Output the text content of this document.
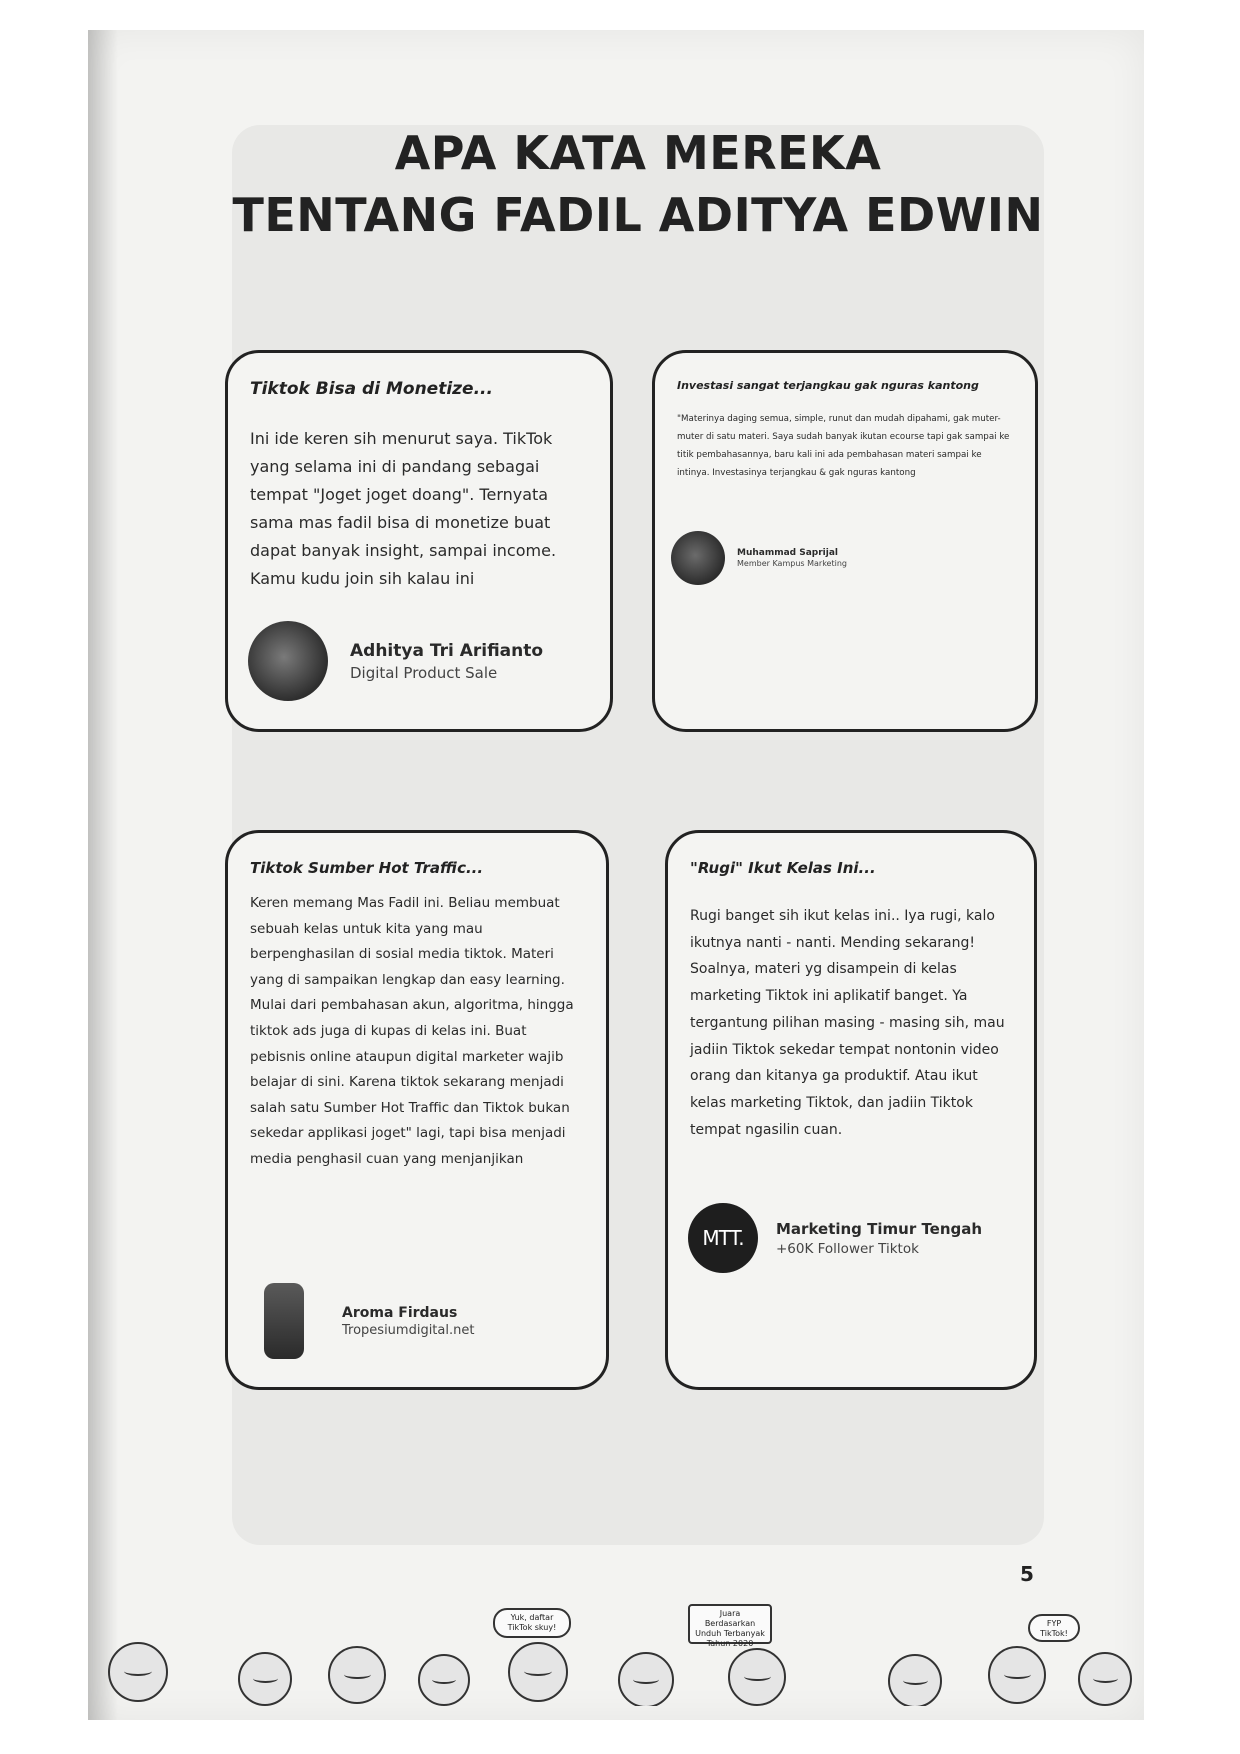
APA KATA MEREKA
TENTANG FADIL ADITYA EDWIN
Tiktok Bisa di Monetize...
Ini ide keren sih menurut saya. TikTok yang selama ini di pandang sebagai tempat "Joget joget doang". Ternyata sama mas fadil bisa di monetize buat dapat banyak insight, sampai income. Kamu kudu join sih kalau ini
Adhitya Tri Arifianto
Digital Product Sale
Investasi sangat terjangkau gak nguras kantong
"Materinya daging semua, simple, runut dan mudah dipahami, gak muter-muter di satu materi. Saya sudah banyak ikutan ecourse tapi gak sampai ke titik pembahasannya, baru kali ini ada pembahasan materi sampai ke intinya. Investasinya terjangkau & gak nguras kantong
Muhammad Saprijal
Member Kampus Marketing
Tiktok Sumber Hot Traffic...
Keren memang Mas Fadil ini. Beliau membuat sebuah kelas untuk kita yang mau berpenghasilan di sosial media tiktok. Materi yang di sampaikan lengkap dan easy learning. Mulai dari pembahasan akun, algoritma, hingga tiktok ads juga di kupas di kelas ini. Buat pebisnis online ataupun digital marketer wajib belajar di sini. Karena tiktok sekarang menjadi salah satu Sumber Hot Traffic dan Tiktok bukan sekedar applikasi joget" lagi, tapi bisa menjadi media penghasil cuan yang menjanjikan
Aroma Firdaus
Tropesiumdigital.net
"Rugi" Ikut Kelas Ini...
Rugi banget sih ikut kelas ini.. Iya rugi, kalo ikutnya nanti - nanti. Mending sekarang! Soalnya, materi yg disampein di kelas marketing Tiktok ini aplikatif banget. Ya tergantung pilihan masing - masing sih, mau jadiin Tiktok sekedar tempat nontonin video orang dan kitanya ga produktif. Atau ikut kelas marketing Tiktok, dan jadiin Tiktok tempat ngasilin cuan.
MTT.	Marketing Timur Tengah
+60K Follower Tiktok
5
Yuk, daftar TikTok skuy!
Juara Berdasarkan Unduh Terbanyak Tahun 2020
FYP TikTok!
